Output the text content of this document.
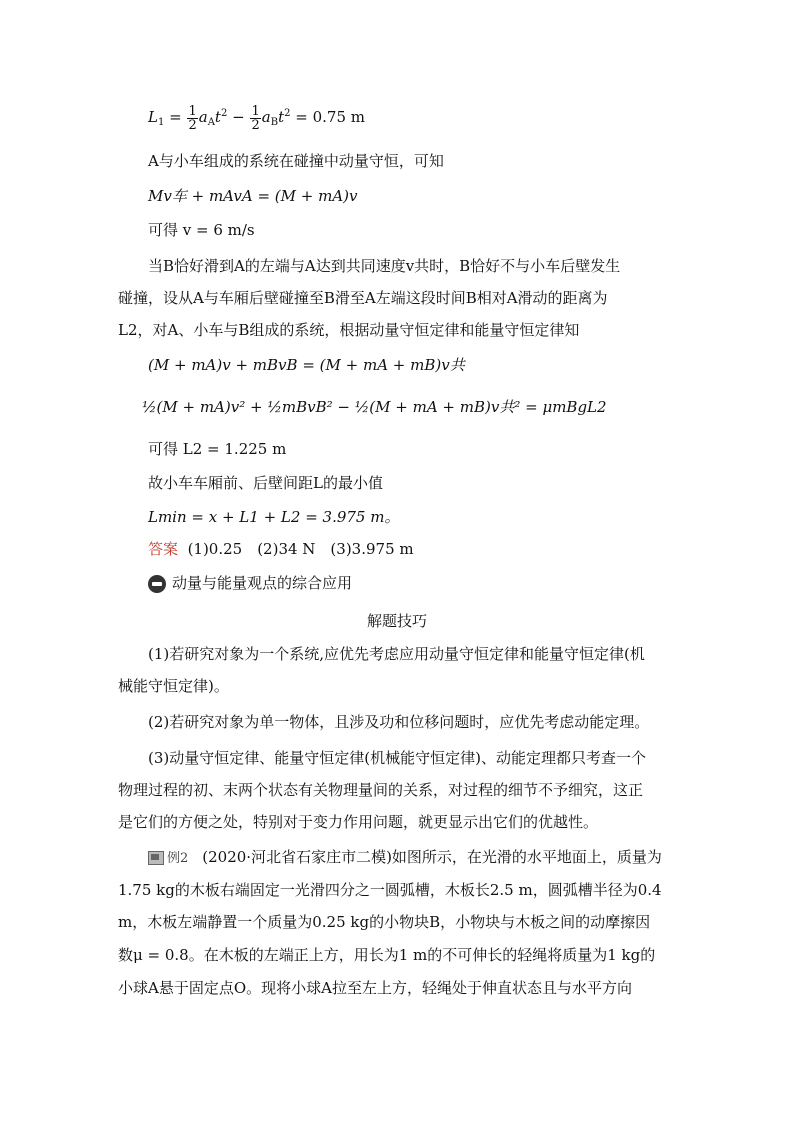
$L_1 = \frac{1}{2} a_At^2 - \frac{1}{2} a_Bt^2 = 0.75$ m
A与小车组成的系统在碰撞中动量守恒，可知
Mv车 + mAvA = (M + mA)v
可得 v = 6 m/s
当B恰好滑到A的左端与A达到共同速度v共时，B恰好不与小车后壁发生
碰撞，设从A与车厢后壁碰撞至B滑至A左端这段时间B相对A滑动的距离为
L2，对A、小车与B组成的系统，根据动量守恒定律和能量守恒定律知
(M + mA)v + mBvB = (M + mA + mB)v共
½(M + mA)v² + ½mBvB² − ½(M + mA + mB)v共² = μmBgL2
可得 L2 = 1.225 m
故小车车厢前、后壁间距L的最小值
Lmin = x + L1 + L2 = 3.975 m。
答案 (1)0.25　(2)34 N　(3)3.975 m
动量与能量观点的综合应用
解题技巧
(1)若研究对象为一个系统,应优先考虑应用动量守恒定律和能量守恒定律(机
械能守恒定律)。
(2)若研究对象为单一物体，且涉及功和位移问题时，应优先考虑动能定理。
(3)动量守恒定律、能量守恒定律(机械能守恒定律)、动能定理都只考查一个
物理过程的初、末两个状态有关物理量间的关系，对过程的细节不予细究，这正
是它们的方便之处，特别对于变力作用问题，就更显示出它们的优越性。
例2 (2020·河北省石家庄市二模)如图所示，在光滑的水平地面上，质量为
1.75 kg的木板右端固定一光滑四分之一圆弧槽，木板长2.5 m，圆弧槽半径为0.4
m，木板左端静置一个质量为0.25 kg的小物块B，小物块与木板之间的动摩擦因
数μ = 0.8。在木板的左端正上方，用长为1 m的不可伸长的轻绳将质量为1 kg的
小球A悬于固定点O。现将小球A拉至左上方，轻绳处于伸直状态且与水平方向
